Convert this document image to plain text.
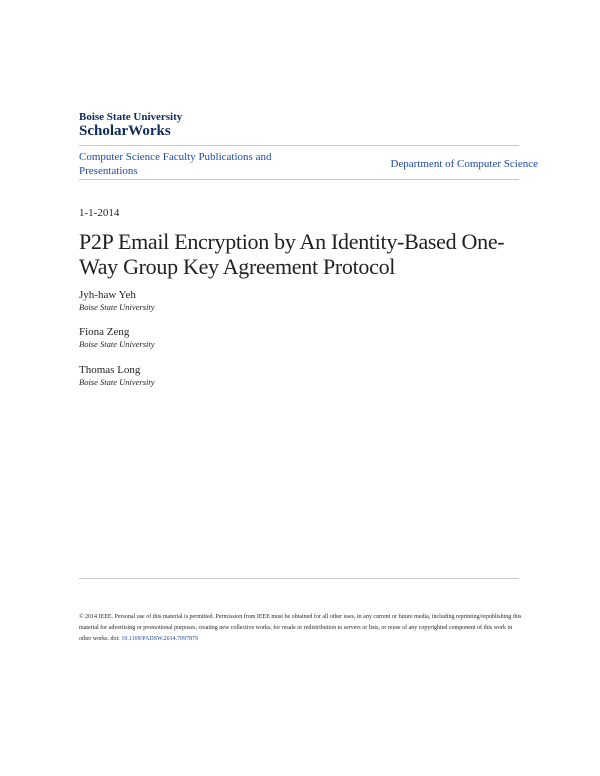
Boise State University
ScholarWorks
Computer Science Faculty Publications and Presentations
Department of Computer Science
1-1-2014
P2P Email Encryption by An Identity-Based One-Way Group Key Agreement Protocol
Jyh-haw Yeh
Boise State University
Fiona Zeng
Boise State University
Thomas Long
Boise State University
© 2014 IEEE. Personal use of this material is permitted. Permission from IEEE must be obtained for all other uses, in any current or future media, including reprinting/republishing this material for advertising or promotional purposes, creating new collective works, for resale or redistribution to servers or lists, or reuse of any copyrighted component of this work in other works. doi: 10.1109/PADSW.2014.7097879
